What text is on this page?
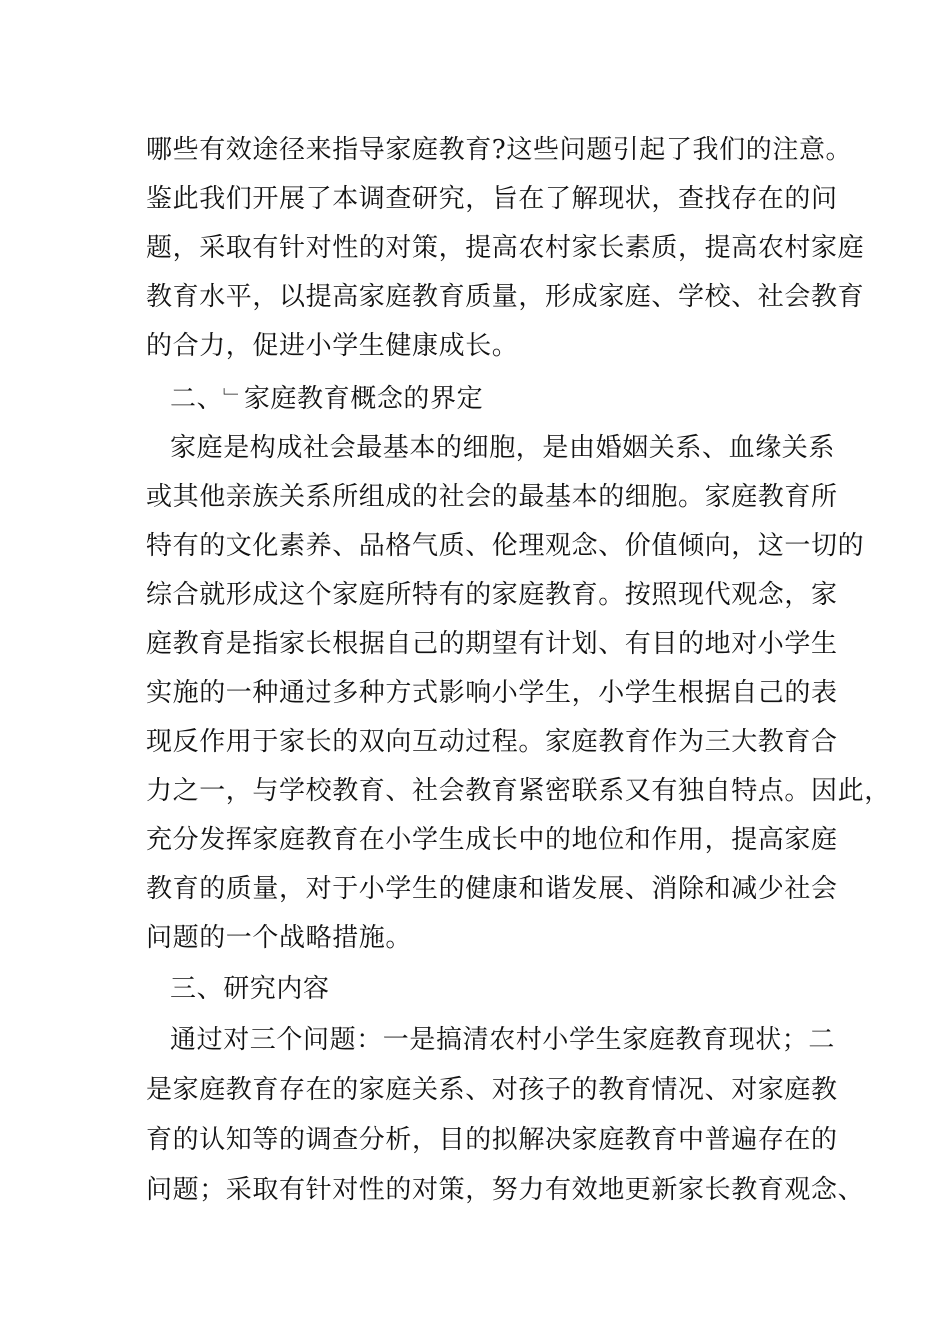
哪些有效途径来指导家庭教育?这些问题引起了我们的注意。
鉴此我们开展了本调查研究，旨在了解现状，查找存在的问
题，采取有针对性的对策，提高农村家长素质，提高农村家庭
教育水平，以提高家庭教育质量，形成家庭、学校、社会教育
的合力，促进小学生健康成长。
二、﹂家庭教育概念的界定
家庭是构成社会最基本的细胞，是由婚姻关系、血缘关系
或其他亲族关系所组成的社会的最基本的细胞。家庭教育所
特有的文化素养、品格气质、伦理观念、价值倾向，这一切的
综合就形成这个家庭所特有的家庭教育。按照现代观念，家
庭教育是指家长根据自己的期望有计划、有目的地对小学生
实施的一种通过多种方式影响小学生，小学生根据自己的表
现反作用于家长的双向互动过程。家庭教育作为三大教育合
力之一，与学校教育、社会教育紧密联系又有独自特点。因此，
充分发挥家庭教育在小学生成长中的地位和作用，提高家庭
教育的质量，对于小学生的健康和谐发展、消除和减少社会
问题的一个战略措施。
三、研究内容
通过对三个问题：一是搞清农村小学生家庭教育现状；二
是家庭教育存在的家庭关系、对孩子的教育情况、对家庭教
育的认知等的调查分析，目的拟解决家庭教育中普遍存在的
问题；采取有针对性的对策，努力有效地更新家长教育观念、
